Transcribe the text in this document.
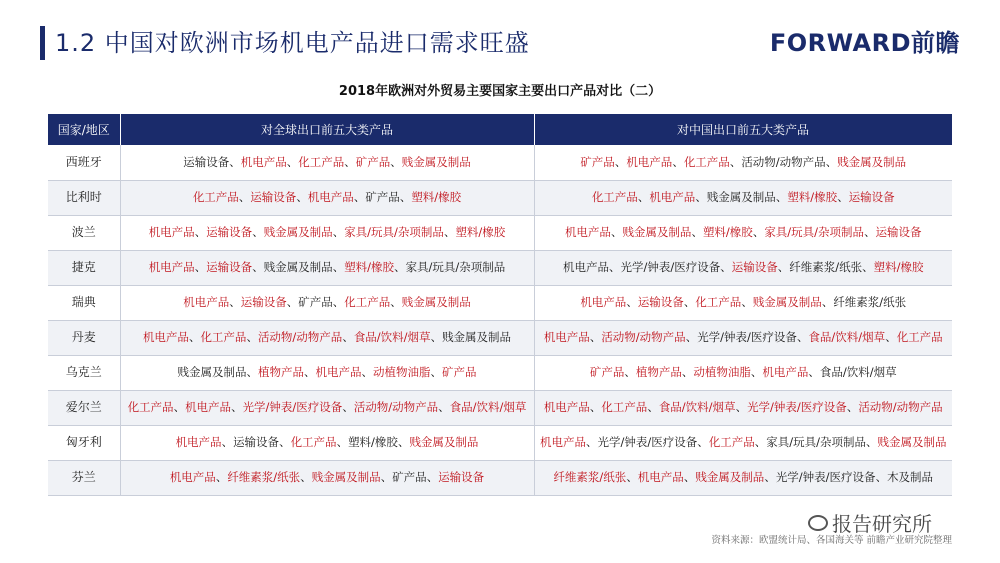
1.2 中国对欧洲市场机电产品进口需求旺盛	FORWARD前瞻
2018年欧洲对外贸易主要国家主要出口产品对比（二）
国家/地区	对全球出口前五大类产品	对中国出口前五大类产品
西班牙	运输设备、机电产品、化工产品、矿产品、贱金属及制品	矿产品、机电产品、化工产品、活动物/动物产品、贱金属及制品
比利时	化工产品、运输设备、机电产品、矿产品、塑料/橡胶	化工产品、机电产品、贱金属及制品、塑料/橡胶、运输设备
波兰	机电产品、运输设备、贱金属及制品、家具/玩具/杂项制品、塑料/橡胶	机电产品、贱金属及制品、塑料/橡胶、家具/玩具/杂项制品、运输设备
捷克	机电产品、运输设备、贱金属及制品、塑料/橡胶、家具/玩具/杂项制品	机电产品、光学/钟表/医疗设备、运输设备、纤维素浆/纸张、塑料/橡胶
瑞典	机电产品、运输设备、矿产品、化工产品、贱金属及制品	机电产品、运输设备、化工产品、贱金属及制品、纤维素浆/纸张
丹麦	机电产品、化工产品、活动物/动物产品、食品/饮料/烟草、贱金属及制品	机电产品、活动物/动物产品、光学/钟表/医疗设备、食品/饮料/烟草、化工产品
乌克兰	贱金属及制品、植物产品、机电产品、动植物油脂、矿产品	矿产品、植物产品、动植物油脂、机电产品、食品/饮料/烟草
爱尔兰	化工产品、机电产品、光学/钟表/医疗设备、活动物/动物产品、食品/饮料/烟草	机电产品、化工产品、食品/饮料/烟草、光学/钟表/医疗设备、活动物/动物产品
匈牙利	机电产品、运输设备、化工产品、塑料/橡胶、贱金属及制品	机电产品、光学/钟表/医疗设备、化工产品、家具/玩具/杂项制品、贱金属及制品
芬兰	机电产品、纤维素浆/纸张、贱金属及制品、矿产品、运输设备	纤维素浆/纸张、机电产品、贱金属及制品、光学/钟表/医疗设备、木及制品
报告研究所
资料来源：欧盟统计局、各国海关等 前瞻产业研究院整理
